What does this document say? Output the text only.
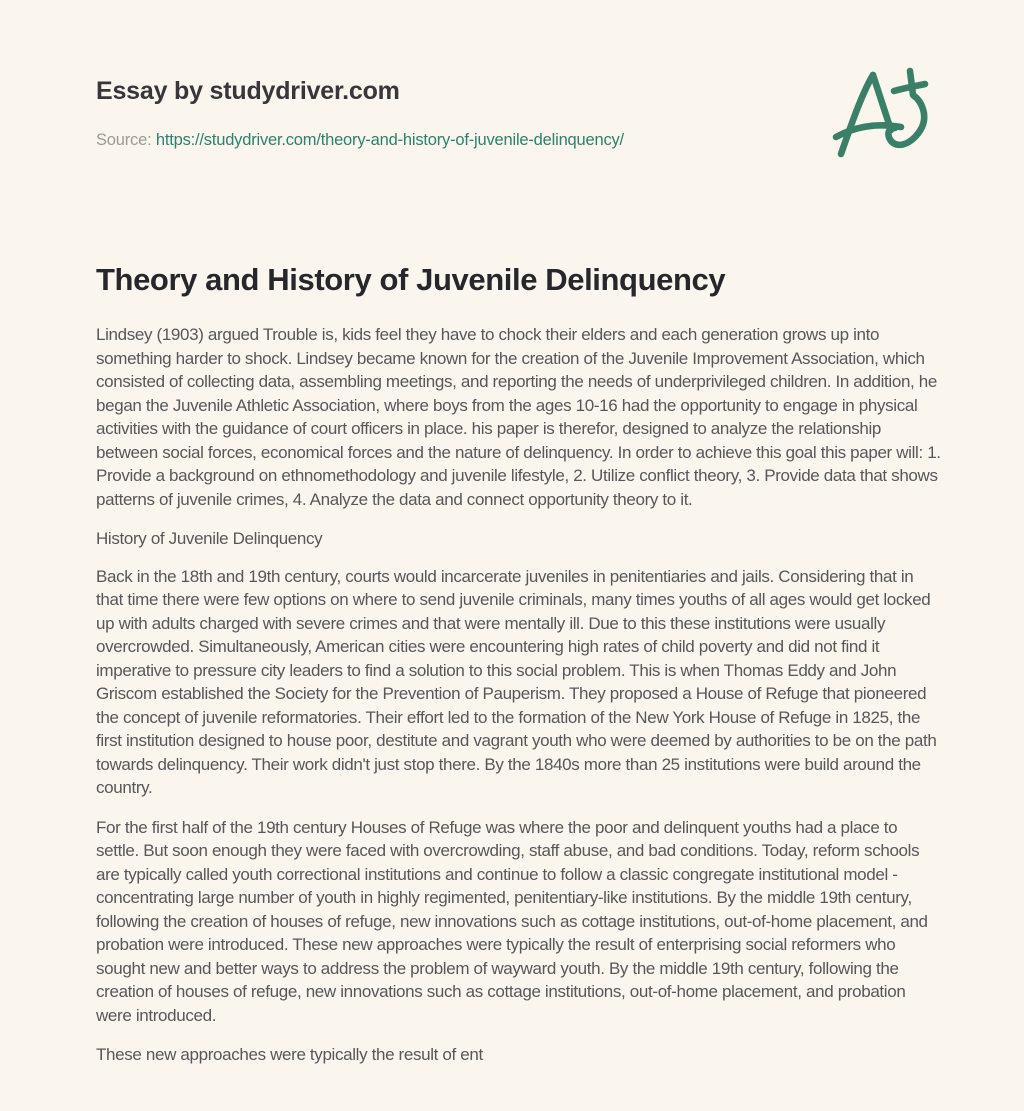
Essay by studydriver.com

Source: https://studydriver.com/theory-and-history-of-juvenile-delinquency/

Theory and History of Juvenile Delinquency

Lindsey (1903) argued Trouble is, kids feel they have to chock their elders and each generation grows up into something harder to shock. Lindsey became known for the creation of the Juvenile Improvement Association, which consisted of collecting data, assembling meetings, and reporting the needs of underprivileged children. In addition, he began the Juvenile Athletic Association, where boys from the ages 10-16 had the opportunity to engage in physical activities with the guidance of court officers in place. his paper is therefor, designed to analyze the relationship between social forces, economical forces and the nature of delinquency. In order to achieve this goal this paper will: 1. Provide a background on ethnomethodology and juvenile lifestyle, 2. Utilize conflict theory, 3. Provide data that shows patterns of juvenile crimes, 4. Analyze the data and connect opportunity theory to it.

History of Juvenile Delinquency

Back in the 18th and 19th century, courts would incarcerate juveniles in penitentiaries and jails. Considering that in that time there were few options on where to send juvenile criminals, many times youths of all ages would get locked up with adults charged with severe crimes and that were mentally ill. Due to this these institutions were usually overcrowded. Simultaneously, American cities were encountering high rates of child poverty and did not find it imperative to pressure city leaders to find a solution to this social problem. This is when Thomas Eddy and John Griscom established the Society for the Prevention of Pauperism. They proposed a House of Refuge that pioneered the concept of juvenile reformatories. Their effort led to the formation of the New York House of Refuge in 1825, the first institution designed to house poor, destitute and vagrant youth who were deemed by authorities to be on the path towards delinquency. Their work didn't just stop there. By the 1840s more than 25 institutions were build around the country.

For the first half of the 19th century Houses of Refuge was where the poor and delinquent youths had a place to settle. But soon enough they were faced with overcrowding, staff abuse, and bad conditions. Today, reform schools are typically called youth correctional institutions and continue to follow a classic congregate institutional model - concentrating large number of youth in highly regimented, penitentiary-like institutions. By the middle 19th century, following the creation of houses of refuge, new innovations such as cottage institutions, out-of-home placement, and probation were introduced. These new approaches were typically the result of enterprising social reformers who sought new and better ways to address the problem of wayward youth. By the middle 19th century, following the creation of houses of refuge, new innovations such as cottage institutions, out-of-home placement, and probation were introduced.

These new approaches were typically the result of ent
